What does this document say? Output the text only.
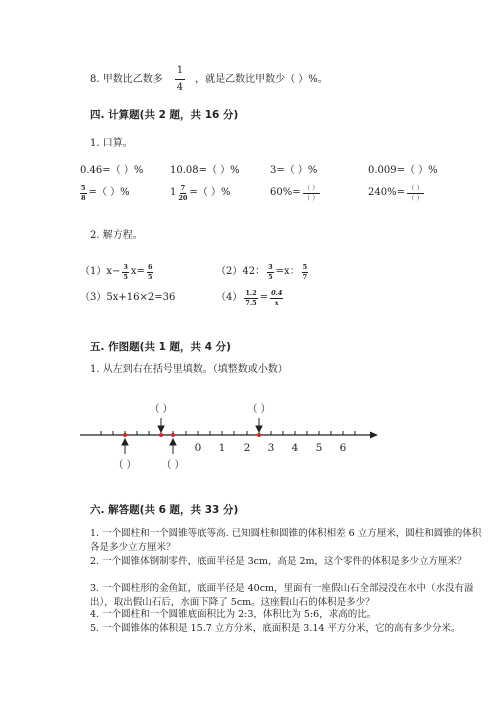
8. 甲数比乙数多 $\frac{1}{4}$ ，就是乙数比甲数少（ ）%。
四. 计算题(共 2 题，共 16 分)
1. 口算。
0.46=（ ）%	10.08=（ ）%	3=（ ）%	0.009=（ ）%
$\frac{5}{8}$ =（ ）%	$1 \frac{7}{20}$ =（ ）%	$60\%= \frac{( )}{( )}$	$240\%= \frac{( )}{( )}$
2. 解方程。
$(1)x- \frac{3}{5} x= \frac{6}{5}$	（2）42： $\frac{3}{5} =x$： $\frac{5}{7}$
（3）5x+16×2=36	$(4) \frac{1.2}{7.5} = \frac{0.4}{x}$
五. 作图题(共 1 题，共 4 分)
1. 从左到右在括号里填数。（填整数或小数）
0 1 2 3 4 5 6
（ ）	（ ）
（ ） （ ）
六. 解答题(共 6 题，共 33 分)
1. 一个圆柱和一个圆锥等底等高. 已知圆柱和圆锥的体积相差 6 立方厘米，圆柱和圆锥的体积各是多少立方厘米？
2. 一个圆锥体钢制零件，底面半径是 3cm，高是 2m，这个零件的体积是多少立方厘米？
3. 一个圆柱形的金鱼缸，底面半径是 40cm，里面有一座假山石全部浸没在水中（水没有溢出），取出假山石后，水面下降了 5cm。这座假山石的体积是多少？
4. 一个圆柱和一个圆锥底面积比为 2:3，体积比为 5:6，求高的比。
5. 一个圆锥体的体积是 15.7 立方分米，底面积是 3.14 平方分米，它的高有多少分米。
